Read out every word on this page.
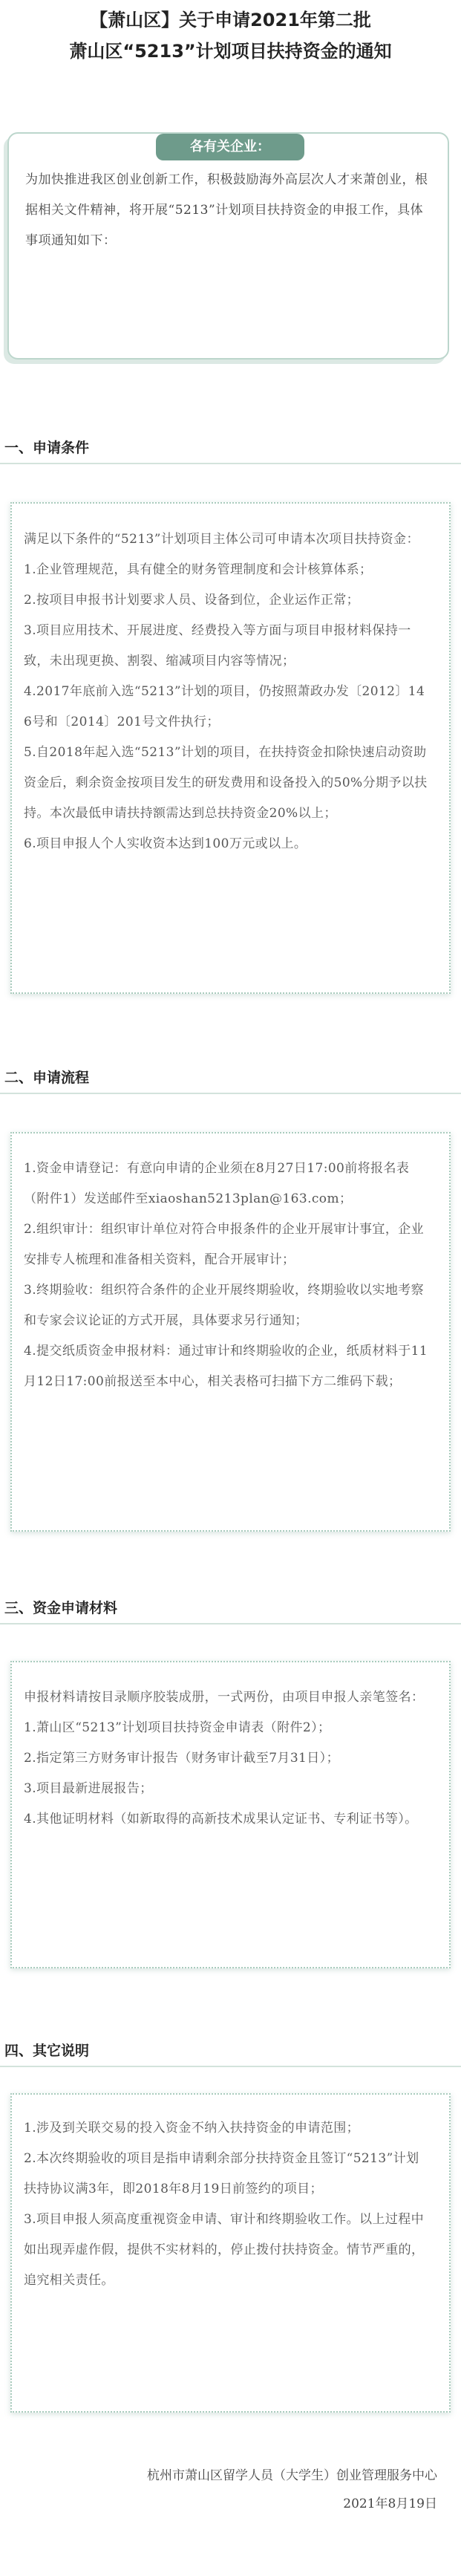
【萧山区】关于申请2021年第二批
萧山区“5213”计划项目扶持资金的通知
各有关企业：
为加快推进我区创业创新工作，积极鼓励海外高层次人才来萧创业，根据相关文件精神，将开展“5213”计划项目扶持资金的申报工作，具体事项通知如下：
一、申请条件

满足以下条件的“5213”计划项目主体公司可申请本次项目扶持资金：

1.企业管理规范，具有健全的财务管理制度和会计核算体系；

2.按项目申报书计划要求人员、设备到位，企业运作正常；

3.项目应用技术、开展进度、经费投入等方面与项目申报材料保持一致，未出现更换、割裂、缩减项目内容等情况；

4.2017年底前入选“5213”计划的项目，仍按照萧政办发〔2012〕146号和〔2014〕201号文件执行；

5.自2018年起入选“5213”计划的项目，在扶持资金扣除快速启动资助资金后，剩余资金按项目发生的研发费用和设备投入的50%分期予以扶持。本次最低申请扶持额需达到总扶持资金20%以上；

6.项目申报人个人实收资本达到100万元或以上。

二、申请流程

1.资金申请登记：有意向申请的企业须在8月27日17:00前将报名表（附件1）发送邮件至xiaoshan5213plan@163.com；

2.组织审计：组织审计单位对符合申报条件的企业开展审计事宜，企业安排专人梳理和准备相关资料，配合开展审计；

3.终期验收：组织符合条件的企业开展终期验收，终期验收以实地考察和专家会议论证的方式开展，具体要求另行通知；

4.提交纸质资金申报材料：通过审计和终期验收的企业，纸质材料于11月12日17:00前报送至本中心，相关表格可扫描下方二维码下载；

三、资金申请材料

申报材料请按目录顺序胶装成册，一式两份，由项目申报人亲笔签名：

1.萧山区“5213”计划项目扶持资金申请表（附件2）；

2.指定第三方财务审计报告（财务审计截至7月31日）；

3.项目最新进展报告；

4.其他证明材料（如新取得的高新技术成果认定证书、专利证书等）。

四、其它说明

1.涉及到关联交易的投入资金不纳入扶持资金的申请范围；

2.本次终期验收的项目是指申请剩余部分扶持资金且签订“5213”计划扶持协议满3年，即2018年8月19日前签约的项目；

3.项目申报人须高度重视资金申请、审计和终期验收工作。以上过程中如出现弄虚作假，提供不实材料的，停止拨付扶持资金。情节严重的，追究相关责任。

杭州市萧山区留学人员（大学生）创业管理服务中心
2021年8月19日
